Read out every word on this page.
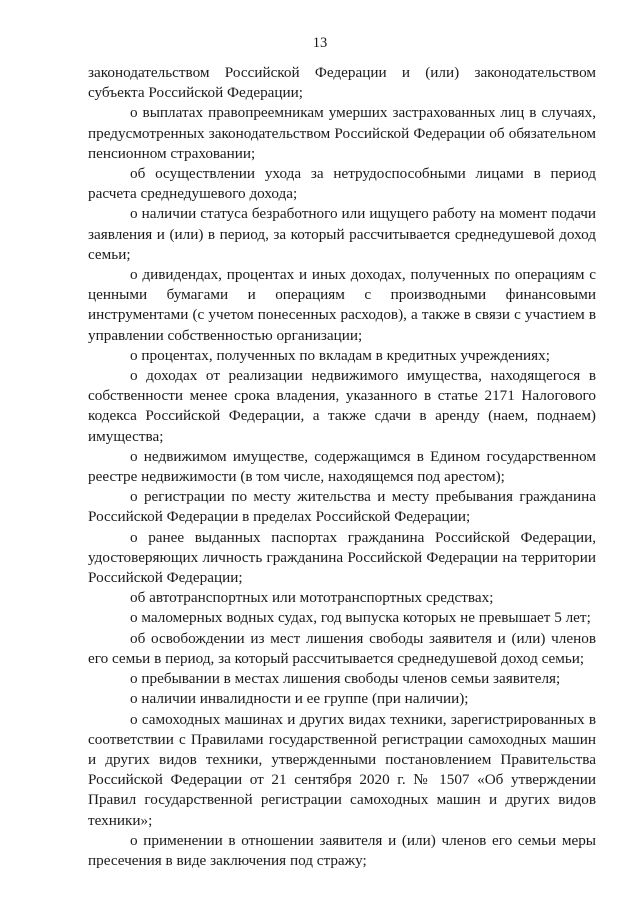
13

законодательством Российской Федерации и (или) законодательством субъекта Российской Федерации;

о выплатах правопреемникам умерших застрахованных лиц в случаях, предусмотренных законодательством Российской Федерации об обязательном пенсионном страховании;

об осуществлении ухода за нетрудоспособными лицами в период расчета среднедушевого дохода;

о наличии статуса безработного или ищущего работу на момент подачи заявления и (или) в период, за который рассчитывается среднедушевой доход семьи;

о дивидендах, процентах и иных доходах, полученных по операциям с ценными бумагами и операциям с производными финансовыми инструментами (с учетом понесенных расходов), а также в связи с участием в управлении собственностью организации;

о процентах, полученных по вкладам в кредитных учреждениях;

о доходах от реализации недвижимого имущества, находящегося в собственности менее срока владения, указанного в статье 2171 Налогового кодекса Российской Федерации, а также сдачи в аренду (наем, поднаем) имущества;

о недвижимом имуществе, содержащимся в Едином государственном реестре недвижимости (в том числе, находящемся под арестом);

о регистрации по месту жительства и месту пребывания гражданина Российской Федерации в пределах Российской Федерации;

о ранее выданных паспортах гражданина Российской Федерации, удостоверяющих личность гражданина Российской Федерации на территории Российской Федерации;

об автотранспортных или мототранспортных средствах;

о маломерных водных судах, год выпуска которых не превышает 5 лет;

об освобождении из мест лишения свободы заявителя и (или) членов его семьи в период, за который рассчитывается среднедушевой доход семьи;

о пребывании в местах лишения свободы членов семьи заявителя;

о наличии инвалидности и ее группе (при наличии);

о самоходных машинах и других видах техники, зарегистрированных в соответствии с Правилами государственной регистрации самоходных машин и других видов техники, утвержденными постановлением Правительства Российской Федерации от 21 сентября 2020 г. № 1507 «Об утверждении Правил государственной регистрации самоходных машин и других видов техники»;

о применении в отношении заявителя и (или) членов его семьи меры пресечения в виде заключения под стражу;
